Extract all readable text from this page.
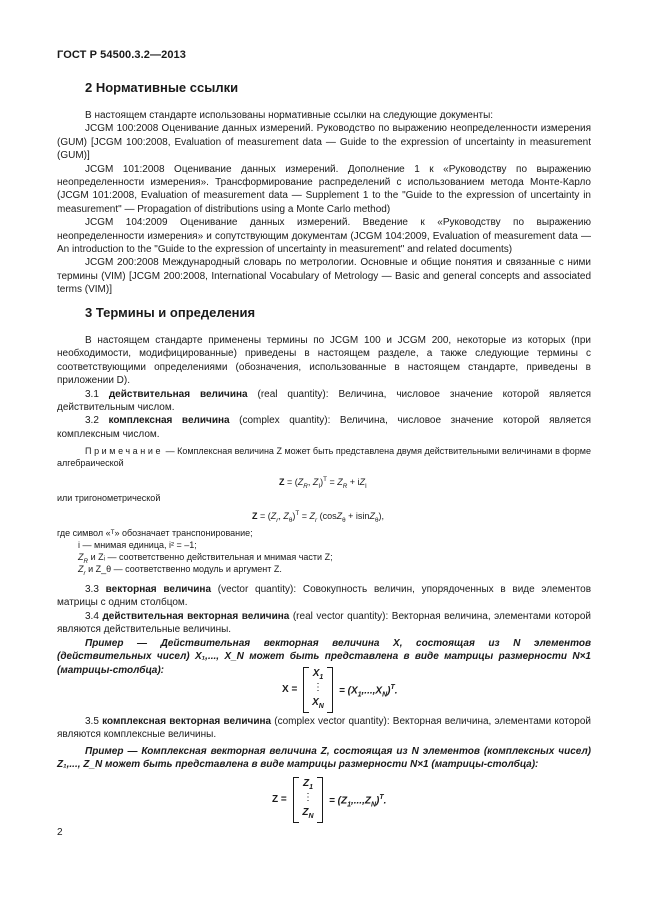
ГОСТ Р 54500.3.2—2013
2 Нормативные ссылки

В настоящем стандарте использованы нормативные ссылки на следующие документы:

JCGM 100:2008 Оценивание данных измерений. Руководство по выражению неопределенности измерения (GUM) [JCGM 100:2008, Evaluation of measurement data — Guide to the expression of uncertainty in measurement (GUM)]

JCGM 101:2008 Оценивание данных измерений. Дополнение 1 к «Руководству по выражению неопределенности измерения». Трансформирование распределений с использованием метода Монте-Карло (JCGM 101:2008, Evaluation of measurement data — Supplement 1 to the "Guide to the expression of uncertainty in measurement" — Propagation of distributions using a Monte Carlo method)

JCGM 104:2009 Оценивание данных измерений. Введение к «Руководству по выражению неопределенности измерения» и сопутствующим документам (JCGM 104:2009, Evaluation of measurement data — An introduction to the "Guide to the expression of uncertainty in measurement" and related documents)

JCGM 200:2008 Международный словарь по метрологии. Основные и общие понятия и связанные с ними термины (VIM) [JCGM 200:2008, International Vocabulary of Metrology — Basic and general concepts and associated terms (VIM)]

3 Термины и определения

В настоящем стандарте применены термины по JCGM 100 и JCGM 200, некоторые из которых (при необходимости, модифицированные) приведены в настоящем разделе, а также следующие термины с соответствующими определениями (обозначения, использованные в настоящем стандарте, приведены в приложении D).

3.1 действительная величина (real quantity): Величина, числовое значение которой является действительным числом.

3.2 комплексная величина (complex quantity): Величина, числовое значение которой является комплексным числом.

Примечание — Комплексная величина Z может быть представлена двумя действительными величинами в форме алгебраической

$Z = (Z_R$, $Z_I)^T = Z_R + iZ_I$
или тригонометрической
$Z = (Z_r$, $Z_\theta)^T = Z_r$ (cosZ$_\theta$ + isinZ$_\theta$),
где символ «ᵀ» обозначает транспонирование;
i — мнимая единица, i² = –1;
$Z_R$ и Zᵢ — соответственно действительная и мнимая части Z;
$Z_r$ и Z_θ — соответственно модуль и аргумент Z.

3.3 векторная величина (vector quantity): Совокупность величин, упорядоченных в виде элементов матрицы с одним столбцом.

3.4 действительная векторная величина (real vector quantity): Векторная величина, элементами которой являются действительные величины.

Пример — Действительная векторная величина X, состоящая из N элементов (действительных чисел) X₁,..., X_N может быть представлена в виде матрицы размерности N×1 (матрицы-столбца):

X =
$X_1$
⋮
$X_N$
= $(X_1,...,X_N)^T$.

3.5 комплексная векторная величина (complex vector quantity): Векторная величина, элементами которой являются комплексные величины.

Пример — Комплексная векторная величина Z, состоящая из N элементов (комплексных чисел) Z₁,..., Z_N может быть представлена в виде матрицы размерности N×1 (матрицы-столбца):

Z =
$Z_1$
⋮
$Z_N$
= $(Z_1,...,Z_N)^T$.
2
